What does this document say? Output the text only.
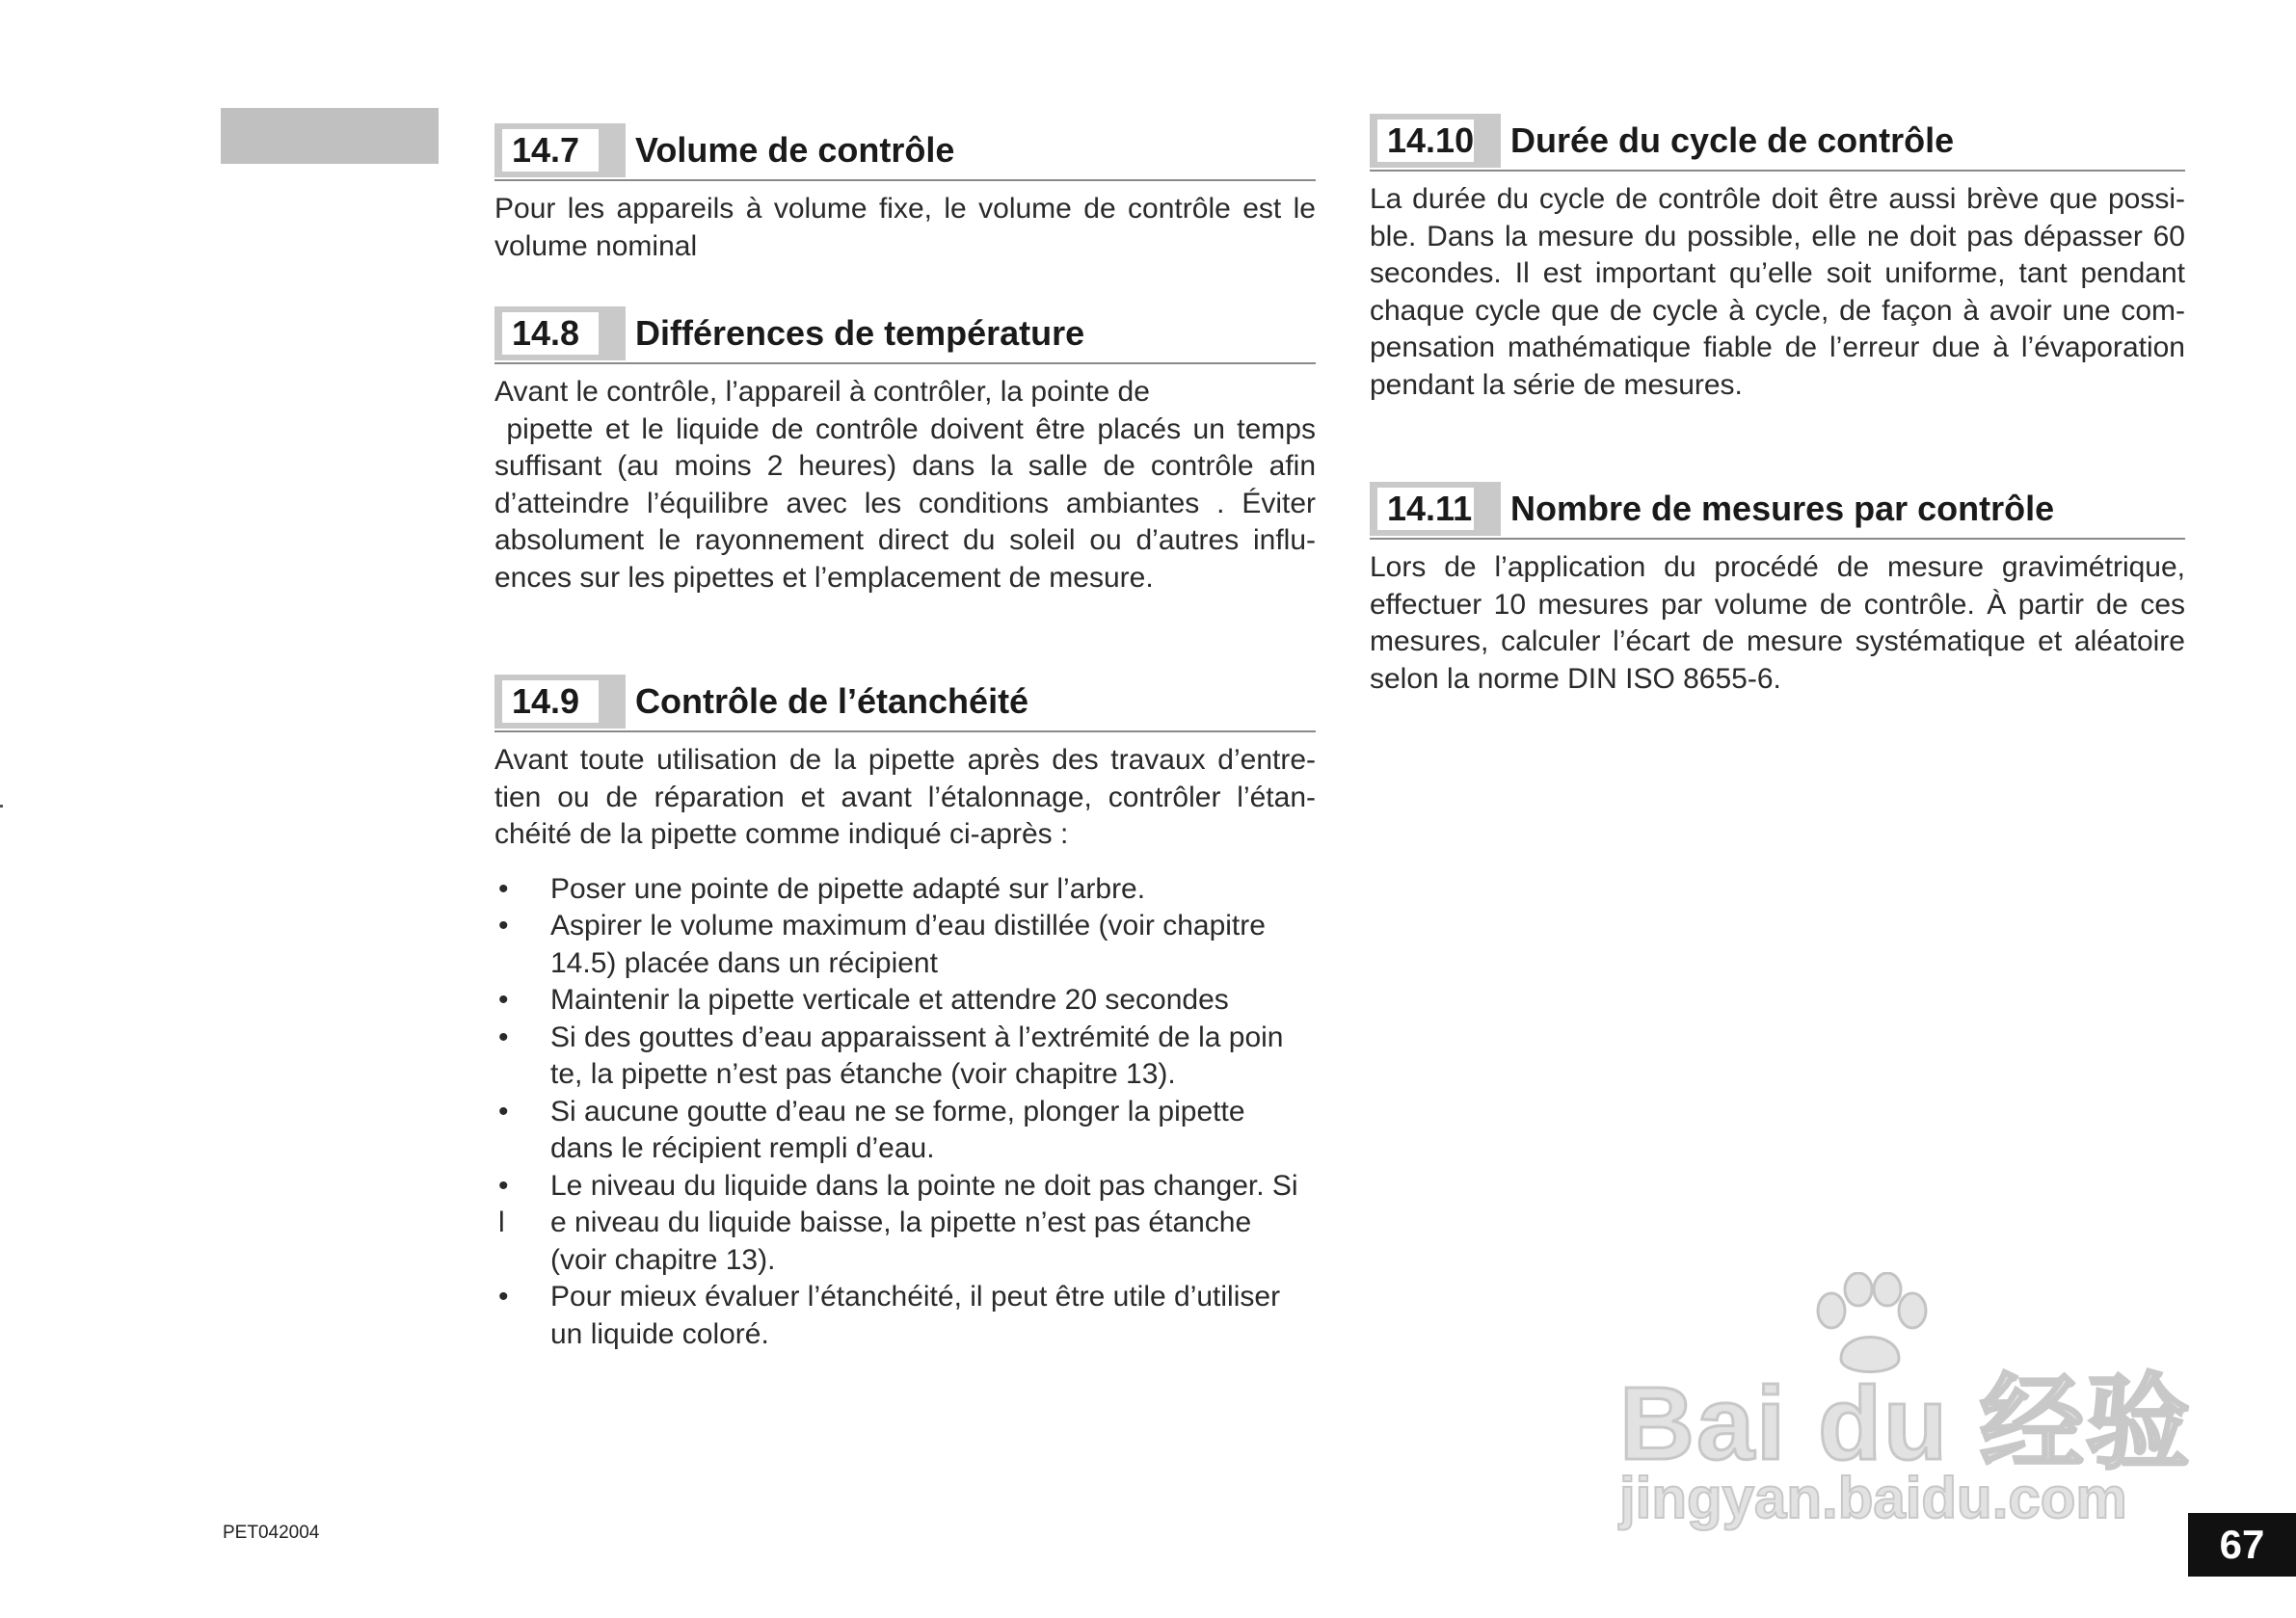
14.7	Volume de contrôle
Pour les appareils à volume fixe, le volume de contrôle est le
volume nominal
14.8	Différences de température
Avant le contrôle, l’appareil à contrôler, la pointe de
pipette et le liquide de contrôle doivent être placés un temps
suffisant (au moins 2 heures) dans la salle de contrôle afin
d’atteindre l’équilibre avec les conditions ambiantes . Éviter
absolument le rayonnement direct du soleil ou d’autres influ-
ences sur les pipettes et l’emplacement de mesure.
14.9	Contrôle de l’étanchéité
Avant toute utilisation de la pipette après des travaux d’entre-
tien ou de réparation et avant l’étalonnage, contrôler l’étan-
chéité de la pipette comme indiqué ci-après :
• Poser une pointe de pipette adapté sur l’arbre.
• Aspirer le volume maximum d’eau distillée (voir chapitre
14.5) placée dans un récipient
• Maintenir la pipette verticale et attendre 20 secondes
• Si des gouttes d’eau apparaissent à l’extrémité de la poin
te, la pipette n’est pas étanche (voir chapitre 13).
• Si aucune goutte d’eau ne se forme, plonger la pipette
dans le récipient rempli d’eau.
• Le niveau du liquide dans la pointe ne doit pas changer. Si
l e niveau du liquide baisse, la pipette n’est pas étanche
(voir chapitre 13).
• Pour mieux évaluer l’étanchéité, il peut être utile d’utiliser
un liquide coloré.
14.10 Durée du cycle de contrôle
La durée du cycle de contrôle doit être aussi brève que possi-
ble. Dans la mesure du possible, elle ne doit pas dépasser 60
secondes. Il est important qu’elle soit uniforme, tant pendant
chaque cycle que de cycle à cycle, de façon à avoir une com-
pensation mathématique fiable de l’erreur due à l’évaporation
pendant la série de mesures.
14.11 Nombre de mesures par contrôle
Lors de l’application du procédé de mesure gravimétrique,
effectuer 10 mesures par volume de contrôle. À partir de ces
mesures, calculer l’écart de mesure systématique et aléatoire
selon la norme DIN ISO 8655-6.
Bai du 经验
jingyan.baidu.com
PET042004	67
